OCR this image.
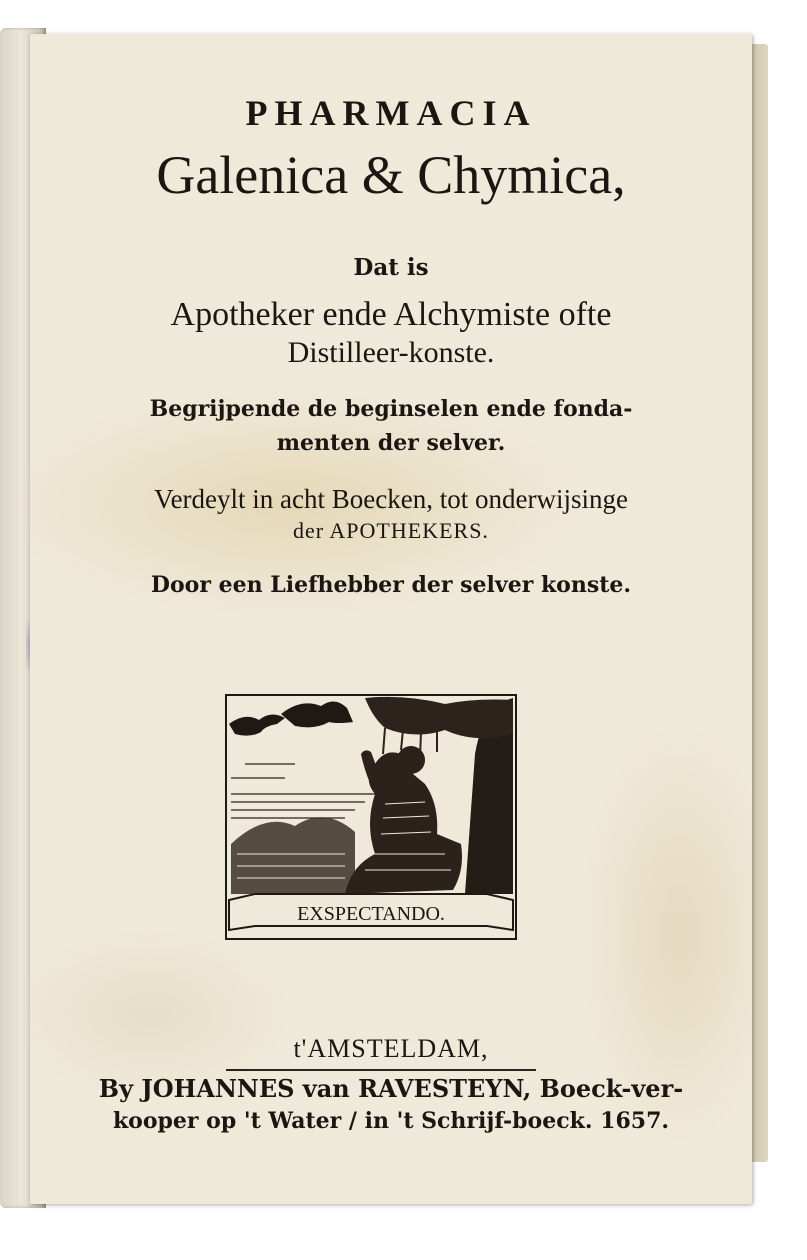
PHARMACIA
Galenica & Chymica,
Dat is
Apotheker ende Alchymiste ofte
Distilleer-konste.
Begrijpende de beginselen ende fonda-
menten der selver.
Verdeylt in acht Boecken, tot onderwijsinge
der APOTHEKERS.
Door een Liefhebber der selver konste.
EXSPECTANDO.
t'AMSTELDAM,
By JOHANNES van RAVESTEYN, Boeck-ver-
kooper op 't Water / in 't Schrijf-boeck. 1657.
